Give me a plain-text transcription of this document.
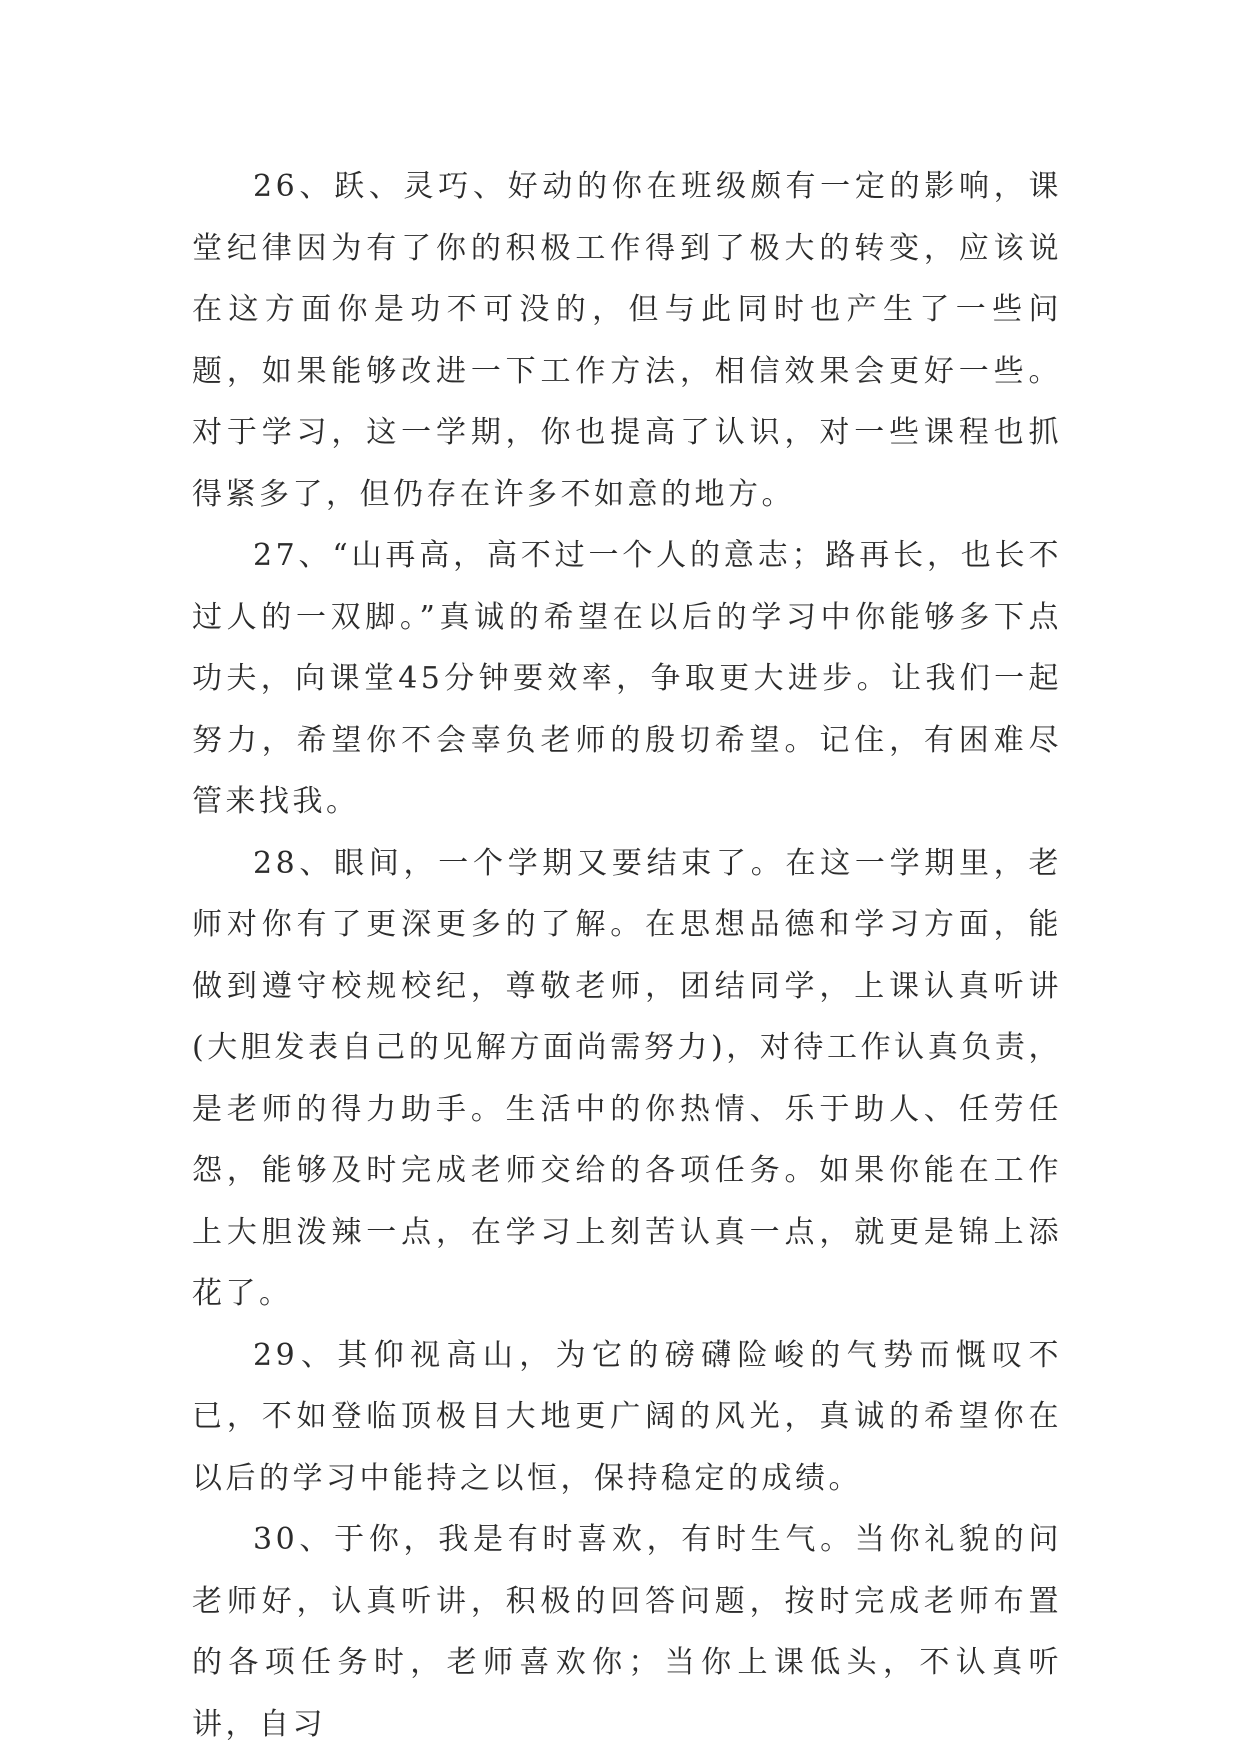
26、跃、灵巧、好动的你在班级颇有一定的影响，课堂纪律因为有了你的积极工作得到了极大的转变，应该说在这方面你是功不可没的，但与此同时也产生了一些问题，如果能够改进一下工作方法，相信效果会更好一些。对于学习，这一学期，你也提高了认识，对一些课程也抓得紧多了，但仍存在许多不如意的地方。

27、“山再高，高不过一个人的意志；路再长，也长不过人的一双脚。”真诚的希望在以后的学习中你能够多下点功夫，向课堂45分钟要效率，争取更大进步。让我们一起努力，希望你不会辜负老师的殷切希望。记住，有困难尽管来找我。

28、眼间，一个学期又要结束了。在这一学期里，老师对你有了更深更多的了解。在思想品德和学习方面，能做到遵守校规校纪，尊敬老师，团结同学，上课认真听讲(大胆发表自己的见解方面尚需努力)，对待工作认真负责，是老师的得力助手。生活中的你热情、乐于助人、任劳任怨，能够及时完成老师交给的各项任务。如果你能在工作上大胆泼辣一点，在学习上刻苦认真一点，就更是锦上添花了。

29、其仰视高山，为它的磅礴险峻的气势而慨叹不已，不如登临顶极目大地更广阔的风光，真诚的希望你在以后的学习中能持之以恒，保持稳定的成绩。

30、于你，我是有时喜欢，有时生气。当你礼貌的问老师好，认真听讲，积极的回答问题，按时完成老师布置的各项任务时，老师喜欢你；当你上课低头，不认真听讲，自习
